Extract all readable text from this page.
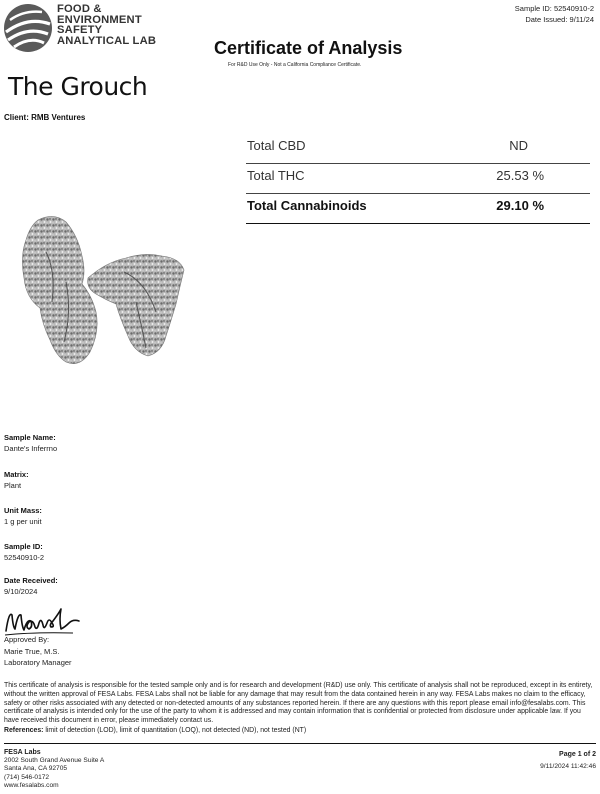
FOOD &
ENVIRONMENT
SAFETY
ANALYTICAL LAB	Certificate of Analysis
For R&D Use Only - Not a California Compliance Certificate.
Sample ID: 52540910-2
Date Issued: 9/11/24
The Grouch
Client: RMB Ventures
Total CBD	ND
Total THC	25.53 %
Total Cannabinoids	29.10 %
Sample Name:
Dante's Inferrno
Matrix:
Plant
Unit Mass:
1 g per unit
Sample ID:
52540910-2
Date Received:
9/10/2024
Approved By:
Marie True, M.S.
Laboratory Manager
This certificate of analysis is responsible for the tested sample only and is for research and development (R&D) use only. This certificate of analysis shall not be reproduced, except in its entirety, without the written approval of FESA Labs. FESA Labs shall not be liable for any damage that may result from the data contained herein in any way. FESA Labs makes no claim to the efficacy, safety or other risks associated with any detected or non-detected amounts of any substances reported herein. If there are any questions with this report please email info@fesalabs.com. This certificate of analysis is intended only for the use of the party to whom it is addressed and may contain information that is confidential or protected from disclosure under applicable law. If you have received this document in error, please immediately contact us.
References: limit of detection (LOD), limit of quantitation (LOQ), not detected (ND), not tested (NT)
FESA Labs
2002 South Grand Avenue Suite A
Santa Ana, CA 92705
(714) 546-0172
www.fesalabs.com
Page 1 of 2
9/11/2024 11:42:46
